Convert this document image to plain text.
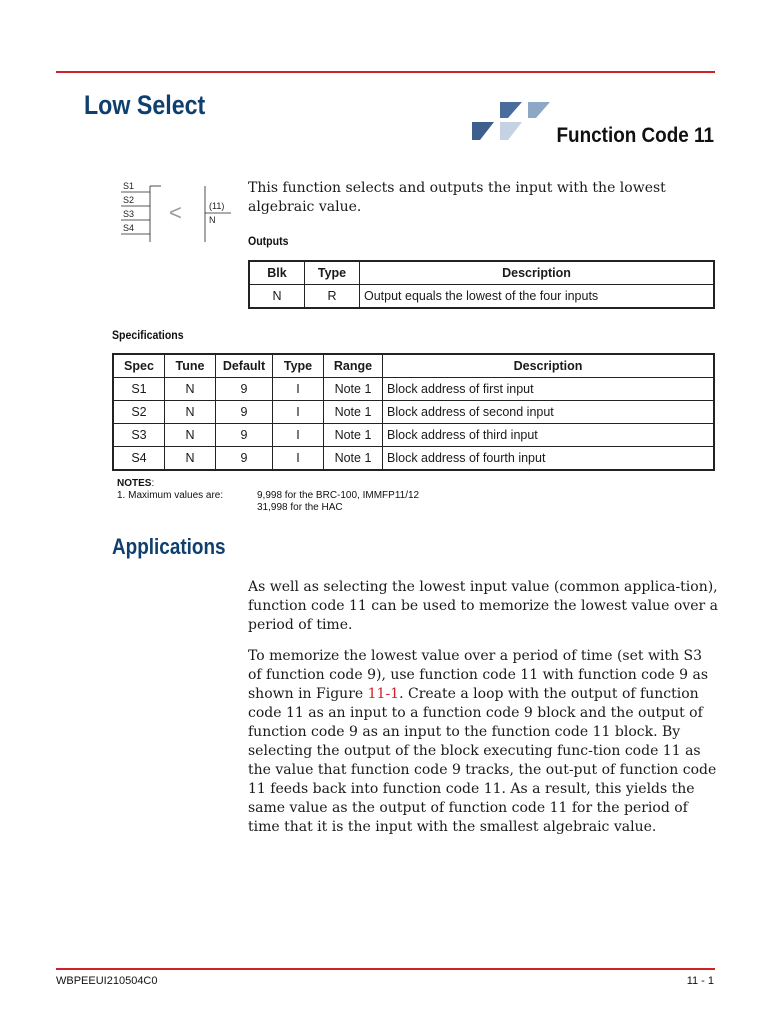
Low Select
Function Code 11
S1
S2
S3
S4
<	(11)
N
This function selects and outputs the input with the lowest algebraic value.
Outputs
Blk	Type	Description
N	R	Output equals the lowest of the four inputs
Specifications
Spec	Tune	Default	Type	Range	Description
S1	N	9	I	Note 1	Block address of first input
S2	N	9	I	Note 1	Block address of second input
S3	N	9	I	Note 1	Block address of third input
S4	N	9	I	Note 1	Block address of fourth input
NOTES:
1. Maximum values are:	9,998 for the BRC-100, IMMFP11/12
31,998 for the HAC
Applications

As well as selecting the lowest input value (common applica-tion), function code 11 can be used to memorize the lowest value over a period of time.

To memorize the lowest value over a period of time (set with S3 of function code 9), use function code 11 with function code 9 as shown in Figure 11-1. Create a loop with the output of function code 11 as an input to a function code 9 block and the output of function code 9 as an input to the function code 11 block. By selecting the output of the block executing func-tion code 11 as the value that function code 9 tracks, the out-put of function code 11 feeds back into function code 11. As a result, this yields the same value as the output of function code 11 for the period of time that it is the input with the smallest algebraic value.

WBPEEUI210504C0	11 - 1
